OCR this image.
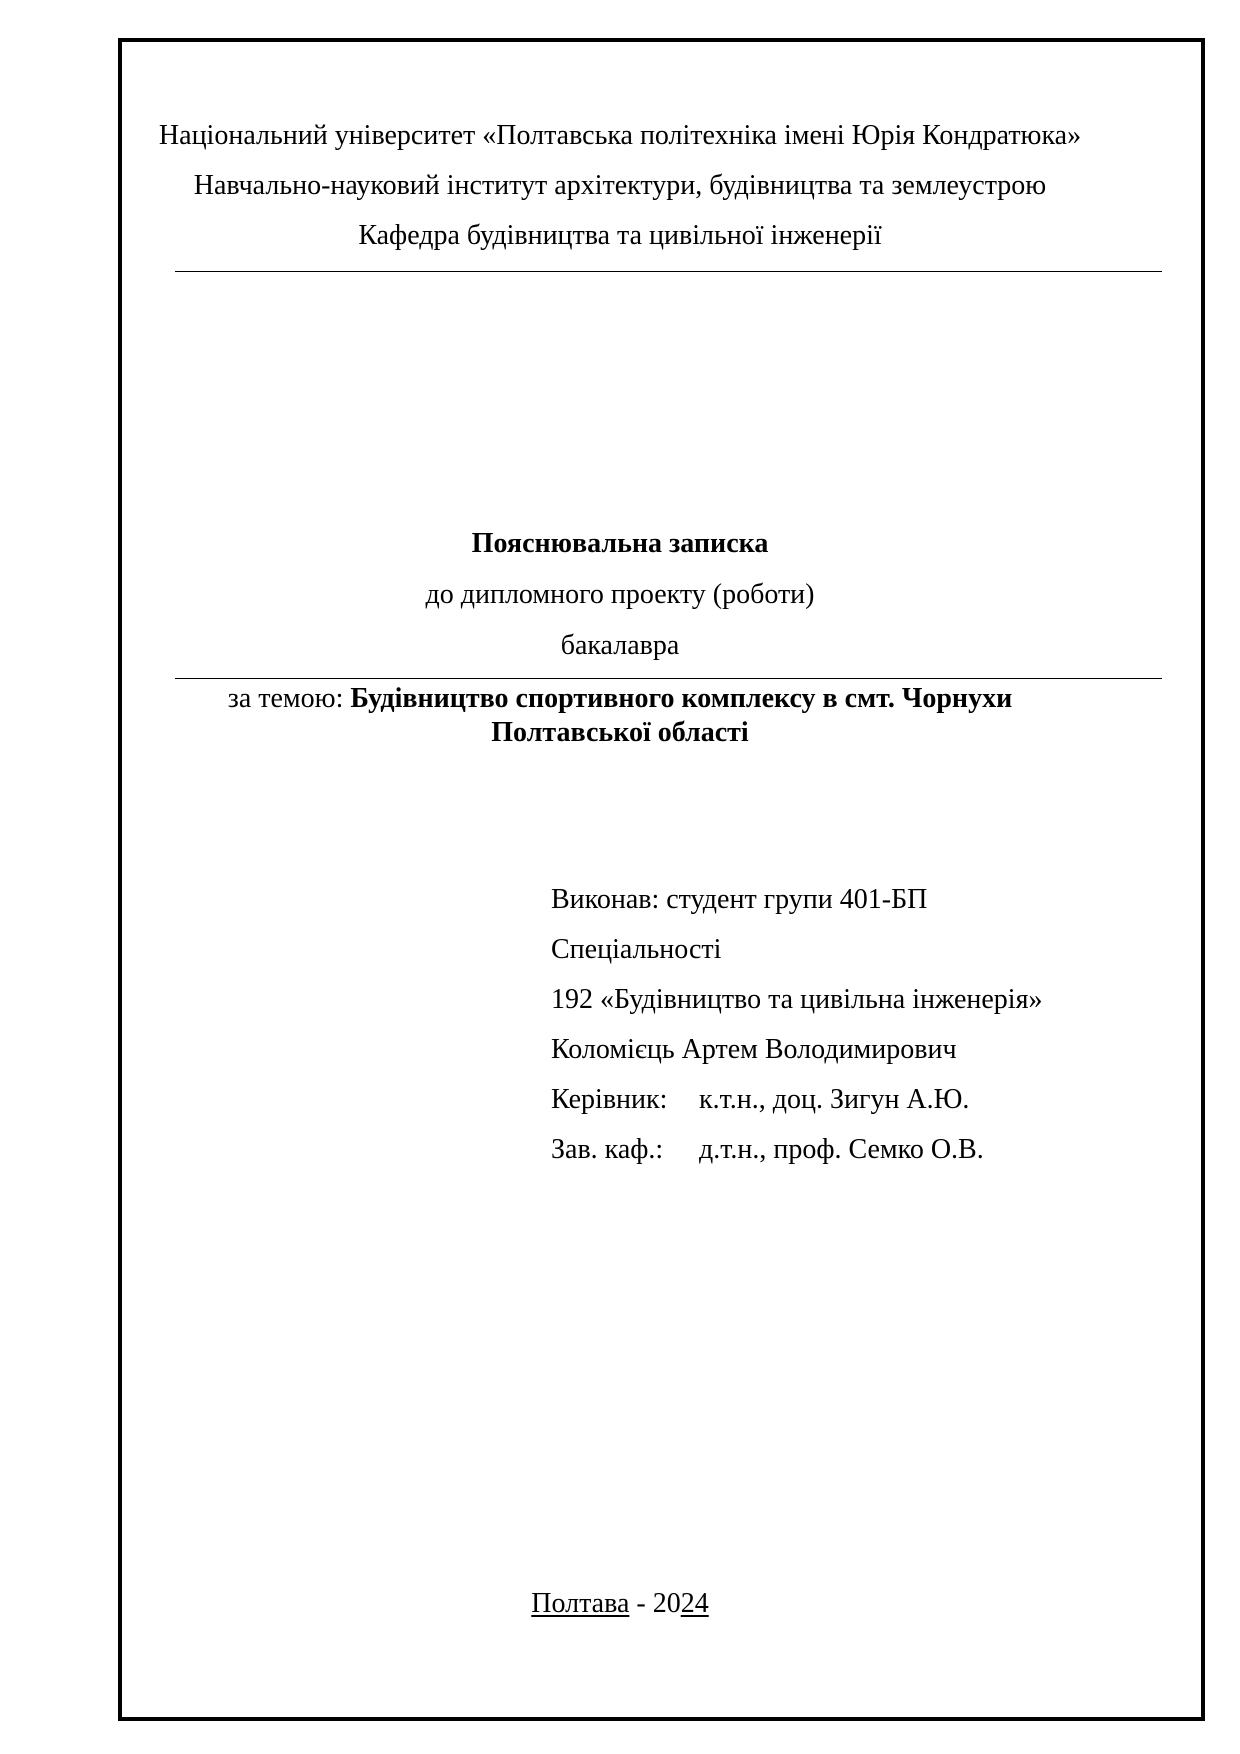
Національний університет «Полтавська політехніка імені Юрія Кондратюка»
Навчально-науковий інститут архітектури, будівництва та землеустрою
Кафедра будівництва та цивільної інженерії
Пояснювальна записка
до дипломного проекту (роботи)
бакалавра
за темою: Будівництво спортивного комплексу в смт. Чорнухи
Полтавської області
Виконав: студент групи 401-БП
Спеціальності
192 «Будівництво та цивільна інженерія»
Коломієць Артем Володимирович
Керівник: к.т.н., доц. Зигун А.Ю.
Зав. каф.: д.т.н., проф. Семко О.В.
Полтава - 2024
